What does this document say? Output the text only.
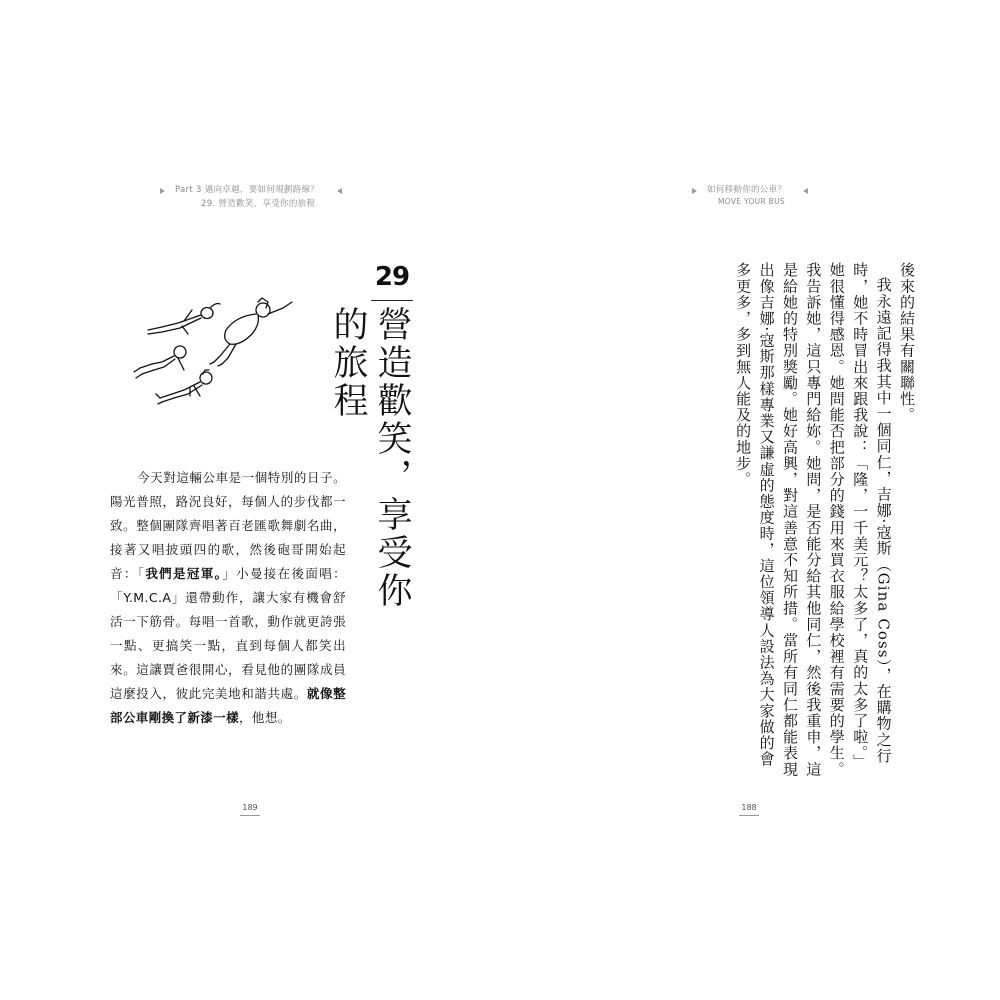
Part 3 邁向卓越，要如何規劃路線？
29. 營造歡笑，享受你的旅程
如何移動你的公車？
MOVE YOUR BUS
29
營造歡笑，享受你的旅程
今天對這輛公車是一個特別的日子。陽光普照，路況良好，每個人的步伐都一致。整個團隊齊唱著百老匯歌舞劇名曲，接著又唱披頭四的歌，然後砲哥開始起音：「我們是冠軍。」小曼接在後面唱：「Y.M.C.A」還帶動作，讓大家有機會舒活一下筋骨。每唱一首歌，動作就更誇張一點、更搞笑一點，直到每個人都笑出來。這讓賈爸很開心，看見他的團隊成員這麼投入，彼此完美地和諧共處。就像整部公車剛換了新漆一樣，他想。

後來的結果有關聯性。

我永遠記得我其中一個同仁，吉娜‧寇斯（Gina Coss），在購物之行時，她不時冒出來跟我說：「隆，一千美元？太多了，真的太多了啦。」她很懂得感恩。她問能否把部分的錢用來買衣服給學校裡有需要的學生。我告訴她，這只專門給妳。她問，是否能分給其他同仁，然後我重申，這是給她的特別獎勵。她好高興，對這善意不知所措。當所有同仁都能表現出像吉娜‧寇斯那樣專業又謙虛的態度時，這位領導人設法為大家做的會多更多，多到無人能及的地步。

189	188
